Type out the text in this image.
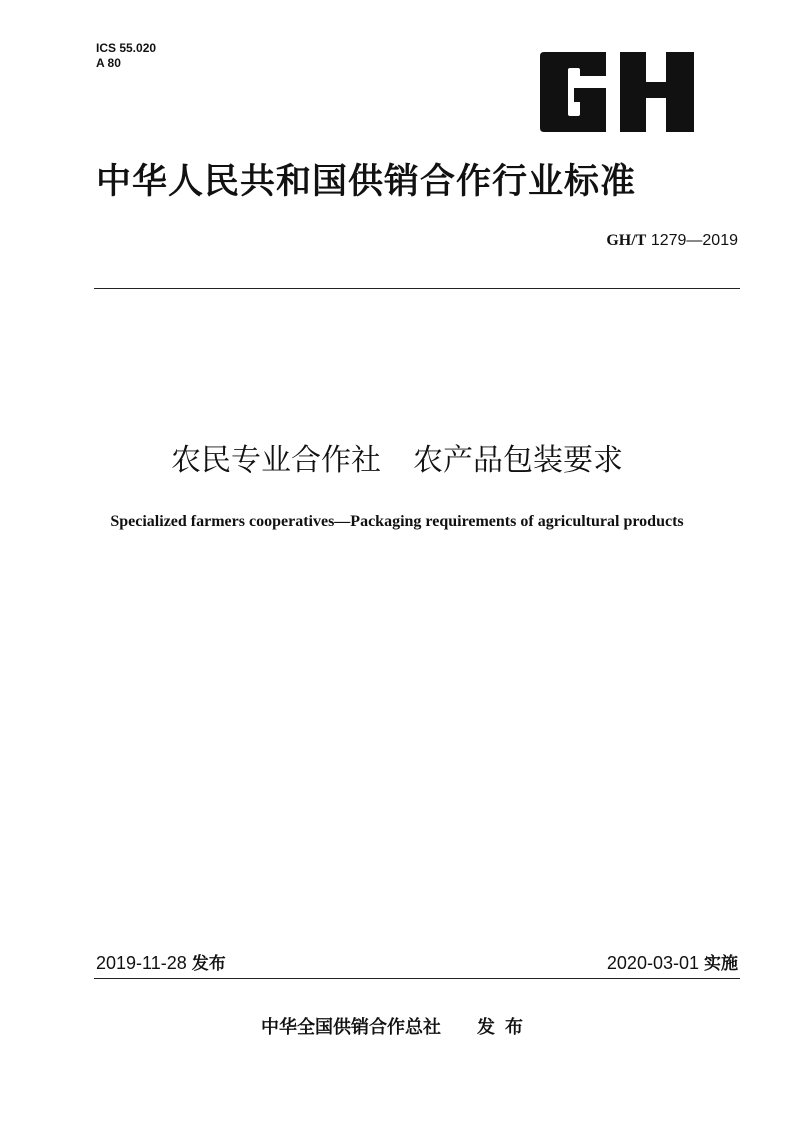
ICS 55.020
A 80
中华人民共和国供销合作行业标准
GH/T 1279—2019
农民专业合作社 农产品包装要求
Specialized farmers cooperatives—Packaging requirements of agricultural products
2019-11-28 发布	2020-03-01 实施
中华全国供销合作总社 发布
